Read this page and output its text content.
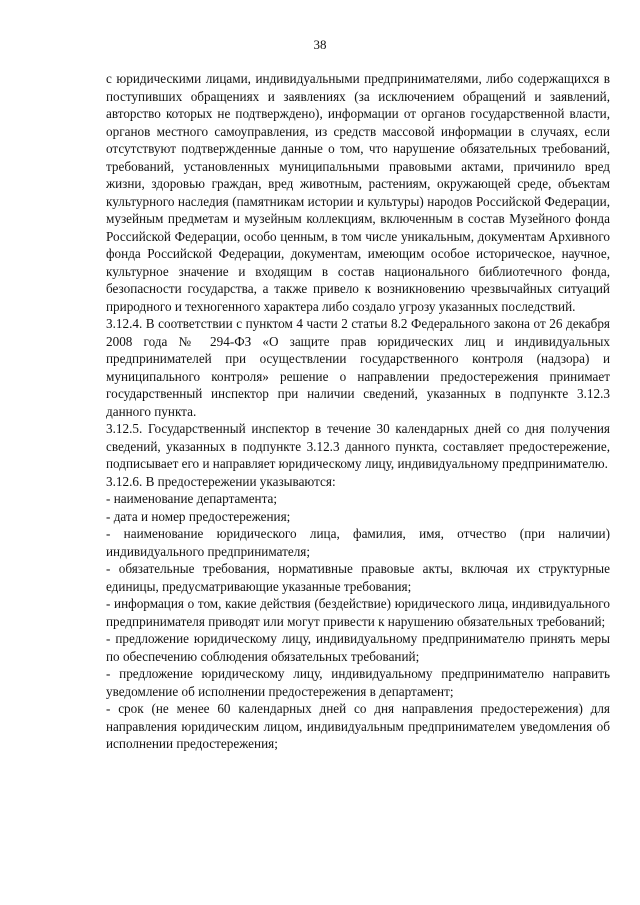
38

с юридическими лицами, индивидуальными предпринимателями, либо содержащихся в поступивших обращениях и заявлениях (за исключением обращений и заявлений, авторство которых не подтверждено), информации от органов государственной власти, органов местного самоуправления, из средств массовой информации в случаях, если отсутствуют подтвержденные данные о том, что нарушение обязательных требований, требований, установленных муниципальными правовыми актами, причинило вред жизни, здоровью граждан, вред животным, растениям, окружающей среде, объектам культурного наследия (памятникам истории и культуры) народов Российской Федерации, музейным предметам и музейным коллекциям, включенным в состав Музейного фонда Российской Федерации, особо ценным, в том числе уникальным, документам Архивного фонда Российской Федерации, документам, имеющим особое историческое, научное, культурное значение и входящим в состав национального библиотечного фонда, безопасности государства, а также привело к возникновению чрезвычайных ситуаций природного и техногенного характера либо создало угрозу указанных последствий.

3.12.4. В соответствии с пунктом 4 части 2 статьи 8.2 Федерального закона от 26 декабря 2008 года № 294-ФЗ «О защите прав юридических лиц и индивидуальных предпринимателей при осуществлении государственного контроля (надзора) и муниципального контроля» решение о направлении предостережения принимает государственный инспектор при наличии сведений, указанных в подпункте 3.12.3 данного пункта.

3.12.5. Государственный инспектор в течение 30 календарных дней со дня получения сведений, указанных в подпункте 3.12.3 данного пункта, составляет предостережение, подписывает его и направляет юридическому лицу, индивидуальному предпринимателю.

3.12.6. В предостережении указываются:

- наименование департамента;
- дата и номер предостережения;
- наименование юридического лица, фамилия, имя, отчество (при наличии) индивидуального предпринимателя;
- обязательные требования, нормативные правовые акты, включая их структурные единицы, предусматривающие указанные требования;
- информация о том, какие действия (бездействие) юридического лица, индивидуального предпринимателя приводят или могут привести к нарушению обязательных требований;
- предложение юридическому лицу, индивидуальному предпринимателю принять меры по обеспечению соблюдения обязательных требований;
- предложение юридическому лицу, индивидуальному предпринимателю направить уведомление об исполнении предостережения в департамент;
- срок (не менее 60 календарных дней со дня направления предостережения) для направления юридическим лицом, индивидуальным предпринимателем уведомления об исполнении предостережения;
